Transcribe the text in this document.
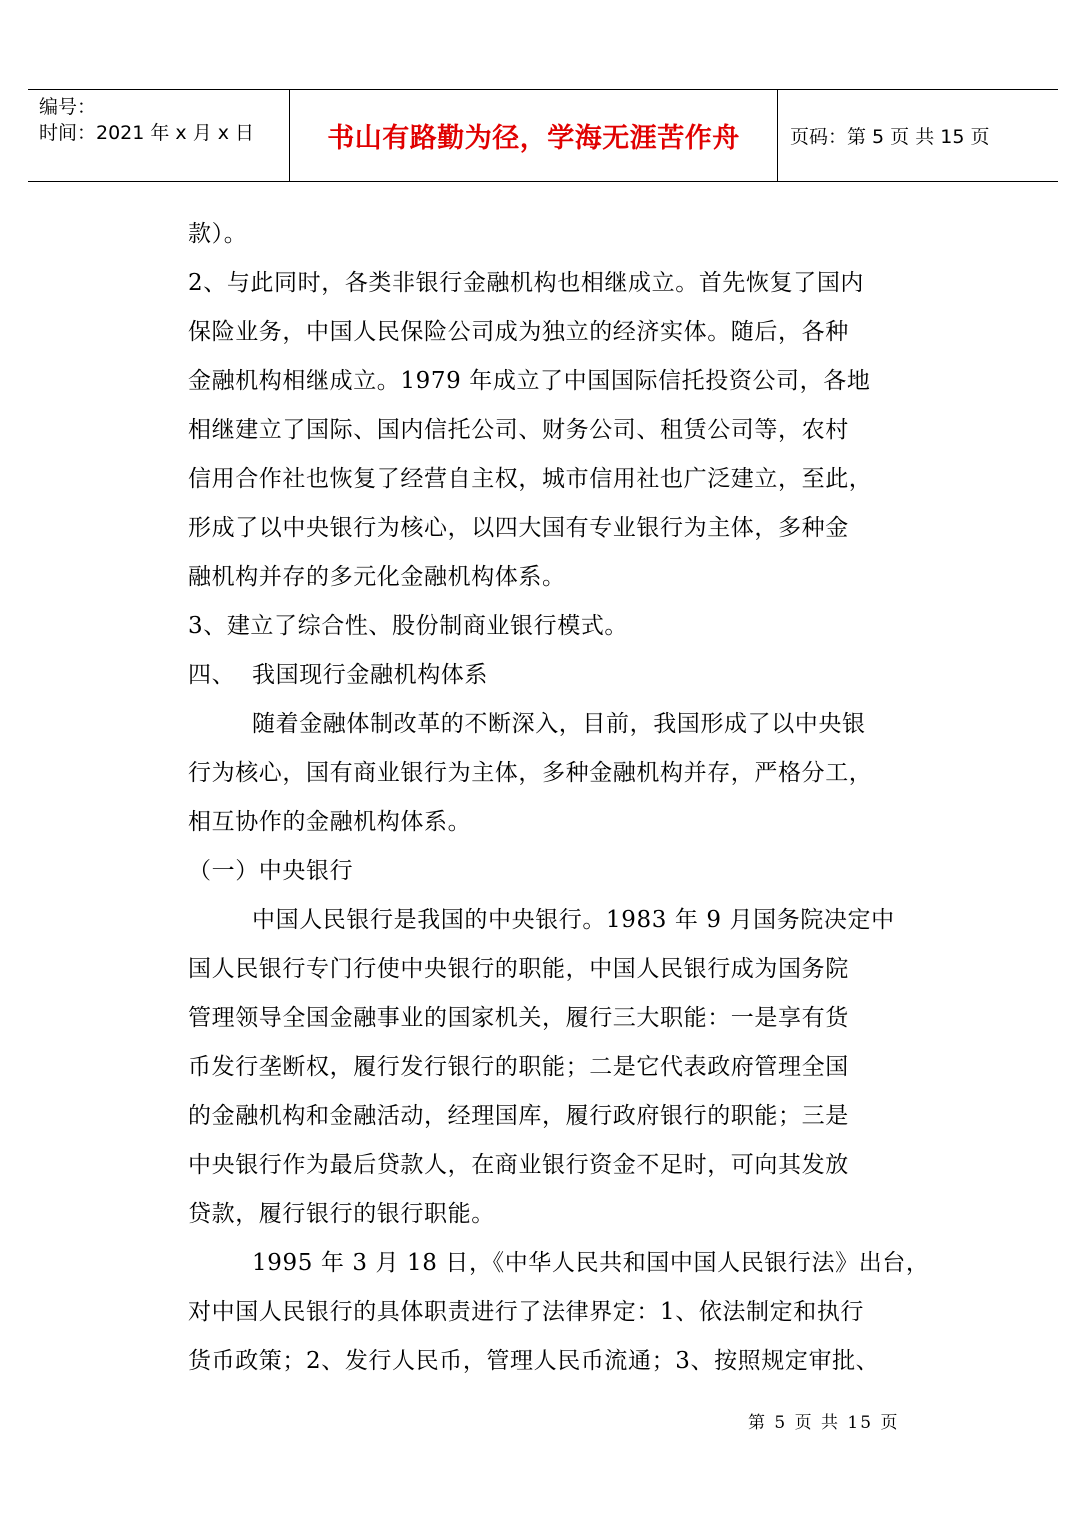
编号：
时间：2021 年 x 月 x 日	书山有路勤为径，学海无涯苦作舟	页码：第 5 页 共 15 页
款）。
2、与此同时，各类非银行金融机构也相继成立。首先恢复了国内
保险业务，中国人民保险公司成为独立的经济实体。随后，各种
金融机构相继成立。1979 年成立了中国国际信托投资公司，各地
相继建立了国际、国内信托公司、财务公司、租赁公司等，农村
信用合作社也恢复了经营自主权，城市信用社也广泛建立，至此，
形成了以中央银行为核心，以四大国有专业银行为主体，多种金
融机构并存的多元化金融机构体系。
3、建立了综合性、股份制商业银行模式。
四、 我国现行金融机构体系
随着金融体制改革的不断深入，目前，我国形成了以中央银
行为核心，国有商业银行为主体，多种金融机构并存，严格分工，
相互协作的金融机构体系。
（一）中央银行
中国人民银行是我国的中央银行。1983 年 9 月国务院决定中
国人民银行专门行使中央银行的职能，中国人民银行成为国务院
管理领导全国金融事业的国家机关，履行三大职能：一是享有货
币发行垄断权，履行发行银行的职能；二是它代表政府管理全国
的金融机构和金融活动，经理国库，履行政府银行的职能；三是
中央银行作为最后贷款人，在商业银行资金不足时，可向其发放
贷款，履行银行的银行职能。
1995 年 3 月 18 日，《中华人民共和国中国人民银行法》出台，
对中国人民银行的具体职责进行了法律界定：1、依法制定和执行
货币政策；2、发行人民币，管理人民币流通；3、按照规定审批、
第 5 页 共 15 页
